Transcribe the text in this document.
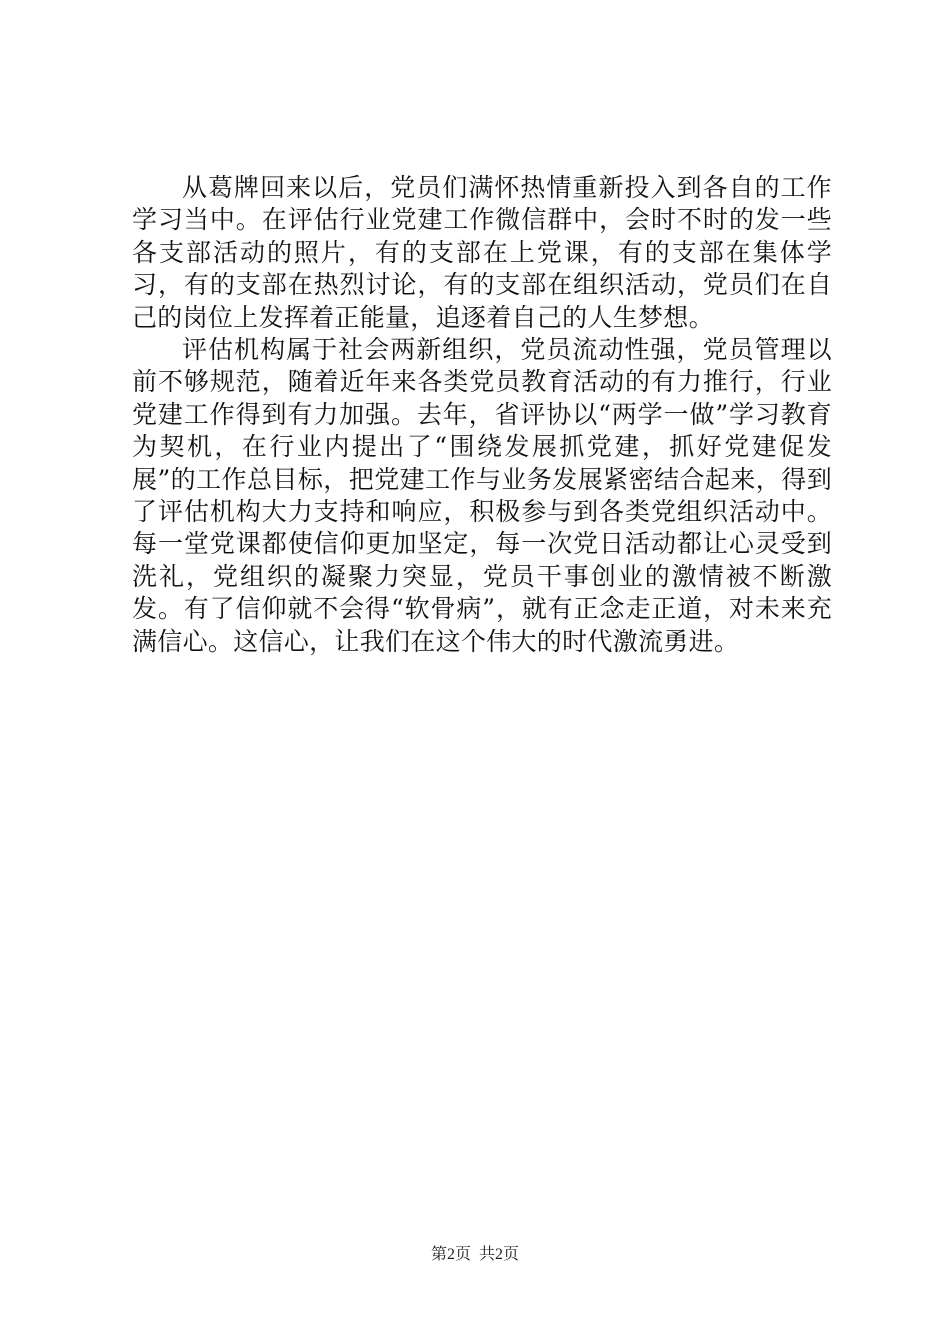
从葛牌回来以后，党员们满怀热情重新投入到各自的工作学习当中。在评估行业党建工作微信群中，会时不时的发一些各支部活动的照片，有的支部在上党课，有的支部在集体学习，有的支部在热烈讨论，有的支部在组织活动，党员们在自己的岗位上发挥着正能量，追逐着自己的人生梦想。

评估机构属于社会两新组织，党员流动性强，党员管理以前不够规范，随着近年来各类党员教育活动的有力推行，行业党建工作得到有力加强。去年，省评协以“两学一做”学习教育为契机，在行业内提出了“围绕发展抓党建，抓好党建促发展”的工作总目标，把党建工作与业务发展紧密结合起来，得到了评估机构大力支持和响应，积极参与到各类党组织活动中。每一堂党课都使信仰更加坚定，每一次党日活动都让心灵受到洗礼，党组织的凝聚力突显，党员干事创业的激情被不断激发。有了信仰就不会得“软骨病”，就有正念走正道，对未来充满信心。这信心，让我们在这个伟大的时代激流勇进。

第2页 共2页
